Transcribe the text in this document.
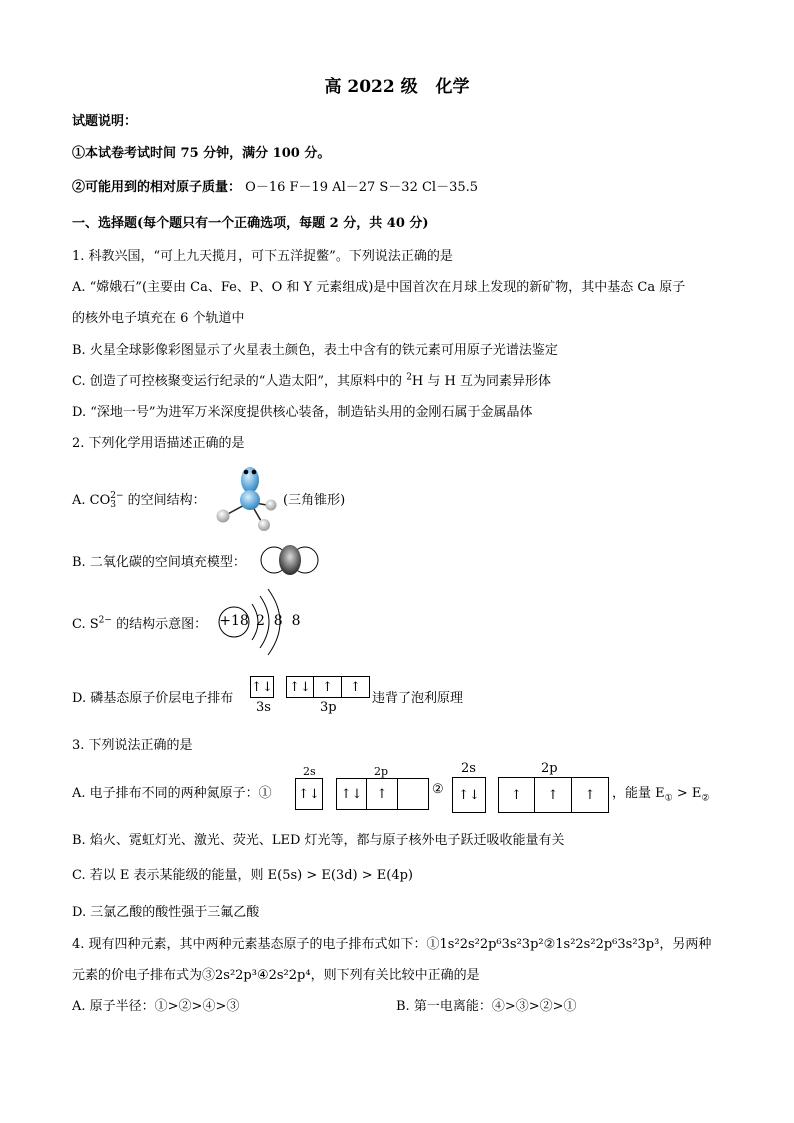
高 2022 级 化学
试题说明：
①本试卷考试时间 75 分钟，满分 100 分。
②可能用到的相对原子质量： O－16 F－19 Al－27 S－32 Cl－35.5
一、选择题(每个题只有一个正确选项，每题 2 分，共 40 分)
1. 科教兴国，“可上九天揽月，可下五洋捉鳖”。下列说法正确的是
A. “嫦娥石”(主要由 Ca、Fe、P、O 和 Y 元素组成)是中国首次在月球上发现的新矿物，其中基态 Ca 原子
的核外电子填充在 6 个轨道中
B. 火星全球影像彩图显示了火星表土颜色，表土中含有的铁元素可用原子光谱法鉴定
C. 创造了可控核聚变运行纪录的“人造太阳”，其原料中的 $^2$H 与 H 互为同素异形体
D. “深地一号”为进军万米深度提供核心装备，制造钻头用的金刚石属于金属晶体
2. 下列化学用语描述正确的是
A. CO 2−
3 的空间结构：	(三角锥形)
B. 二氧化碳的空间填充模型：
C. $S^{2-}$ 的结构示意图： +18 2  8  8
D. 磷基态原子价层电子排布
↑↓ ↑↓ ↑	↑
3s	3p
违背了泡利原理
3. 下列说法正确的是
A. 电子排布不同的两种氮原子：①
2s	2p
↑↓	↑↓	↑	②
2s	2p
↑↓	↑	↑	↑	，能量 $E_① > E_②$
B. 焰火、霓虹灯光、激光、荧光、LED 灯光等，都与原子核外电子跃迁吸收能量有关
C. 若以 E 表示某能级的能量，则 E(5s) > E(3d) > E(4p)
D. 三氯乙酸的酸性强于三氟乙酸
4. 现有四种元素，其中两种元素基态原子的电子排布式如下：①1s²2s²2p⁶3s²3p²②1s²2s²2p⁶3s²3p³，另两种
元素的价电子排布式为③2s²2p³④2s²2p⁴，则下列有关比较中正确的是
A. 原子半径：①>②>④>③	B. 第一电离能：④>③>②>①
